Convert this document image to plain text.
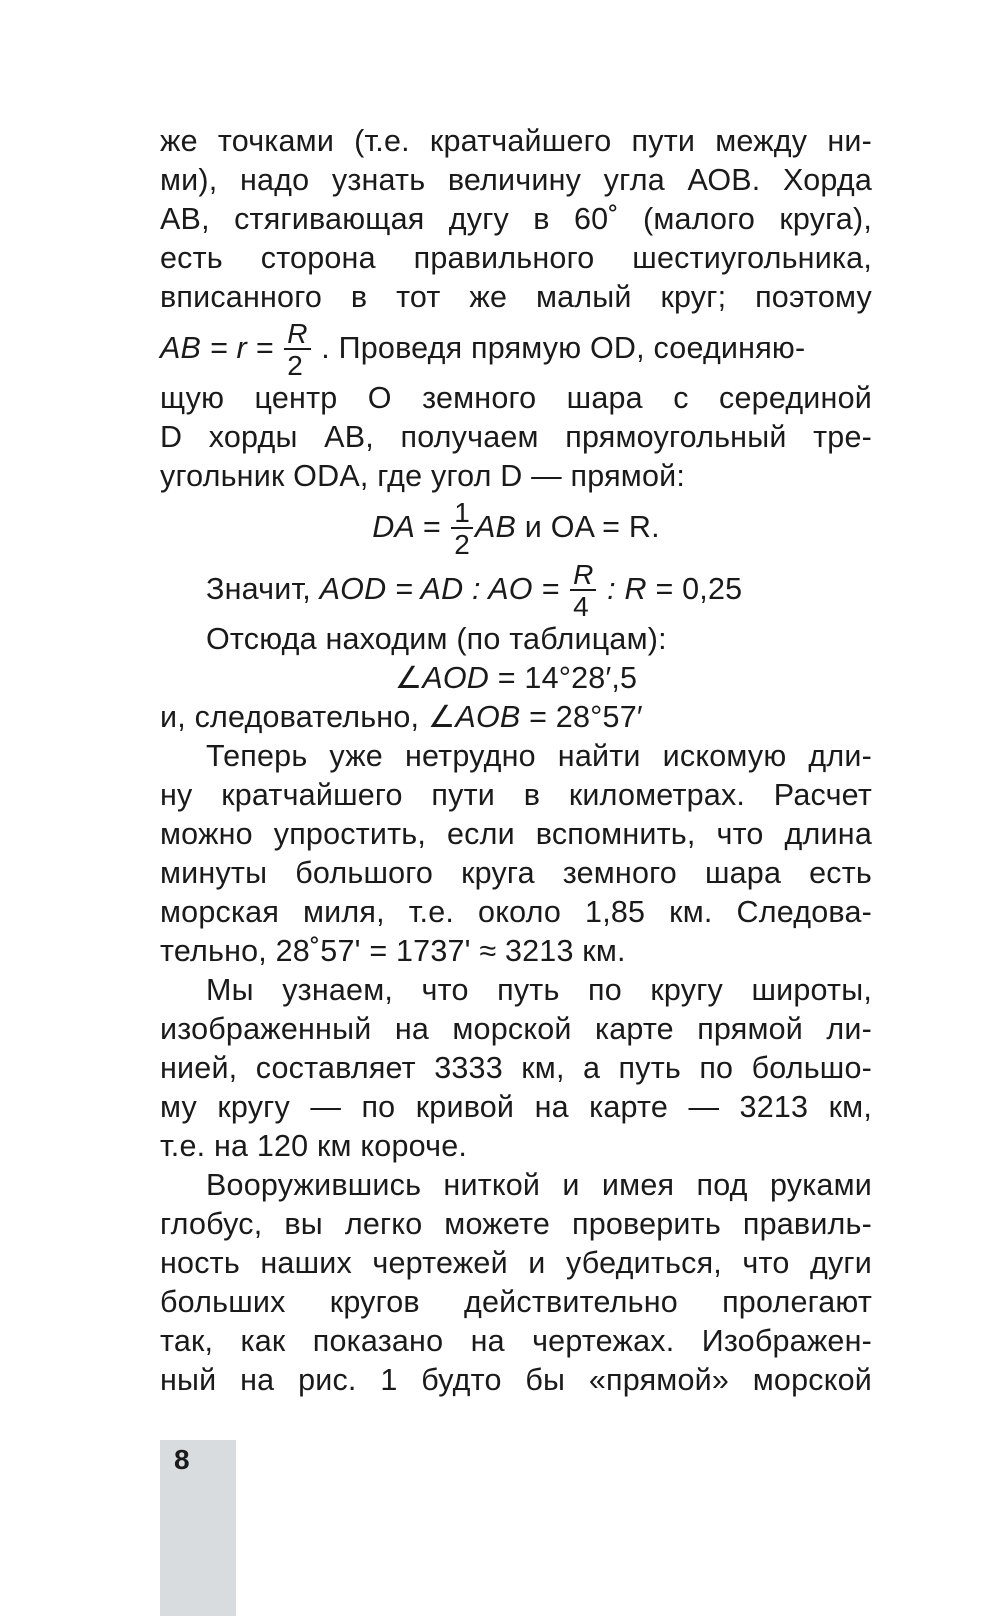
же точками (т.е. кратчайшего пути между ни-
ми), надо узнать величину угла АОВ. Хорда
АВ, стягивающая дугу в 60˚ (малого круга),
есть сторона правильного шестиугольника,
вписанного в тот же малый круг; поэтому
AB = $r = \frac{R}{2}$ . Проведя прямую OD, соединяю-
щую центр O земного шара с серединой
D хорды AB, получаем прямоугольный тре-
угольник ODA, где угол D — прямой:
DA = $\frac{1}{2}$ AB и OA = R.
Значит, AOD = AD : AO = $\frac{R}{4}$ : R = 0,25
Отсюда находим (по таблицам):
∠AOD = 14°28′,5
и, следовательно, ∠AOB = 28°57′
Теперь уже нетрудно найти искомую дли-
ну кратчайшего пути в километрах. Расчет
можно упростить, если вспомнить, что длина
минуты большого круга земного шара есть
морская миля, т.е. около 1,85 км. Следова-
тельно, 28˚57' = 1737' ≈ 3213 км.
Мы узнаем, что путь по кругу широты,
изображенный на морской карте прямой ли-
нией, составляет 3333 км, а путь по большо-
му кругу — по кривой на карте — 3213 км,
т.е. на 120 км короче.
Вооружившись ниткой и имея под руками
глобус, вы легко можете проверить правиль-
ность наших чертежей и убедиться, что дуги
больших кругов действительно пролегают
так, как показано на чертежах. Изображен-
ный на рис. 1 будто бы «прямой» морской
8
